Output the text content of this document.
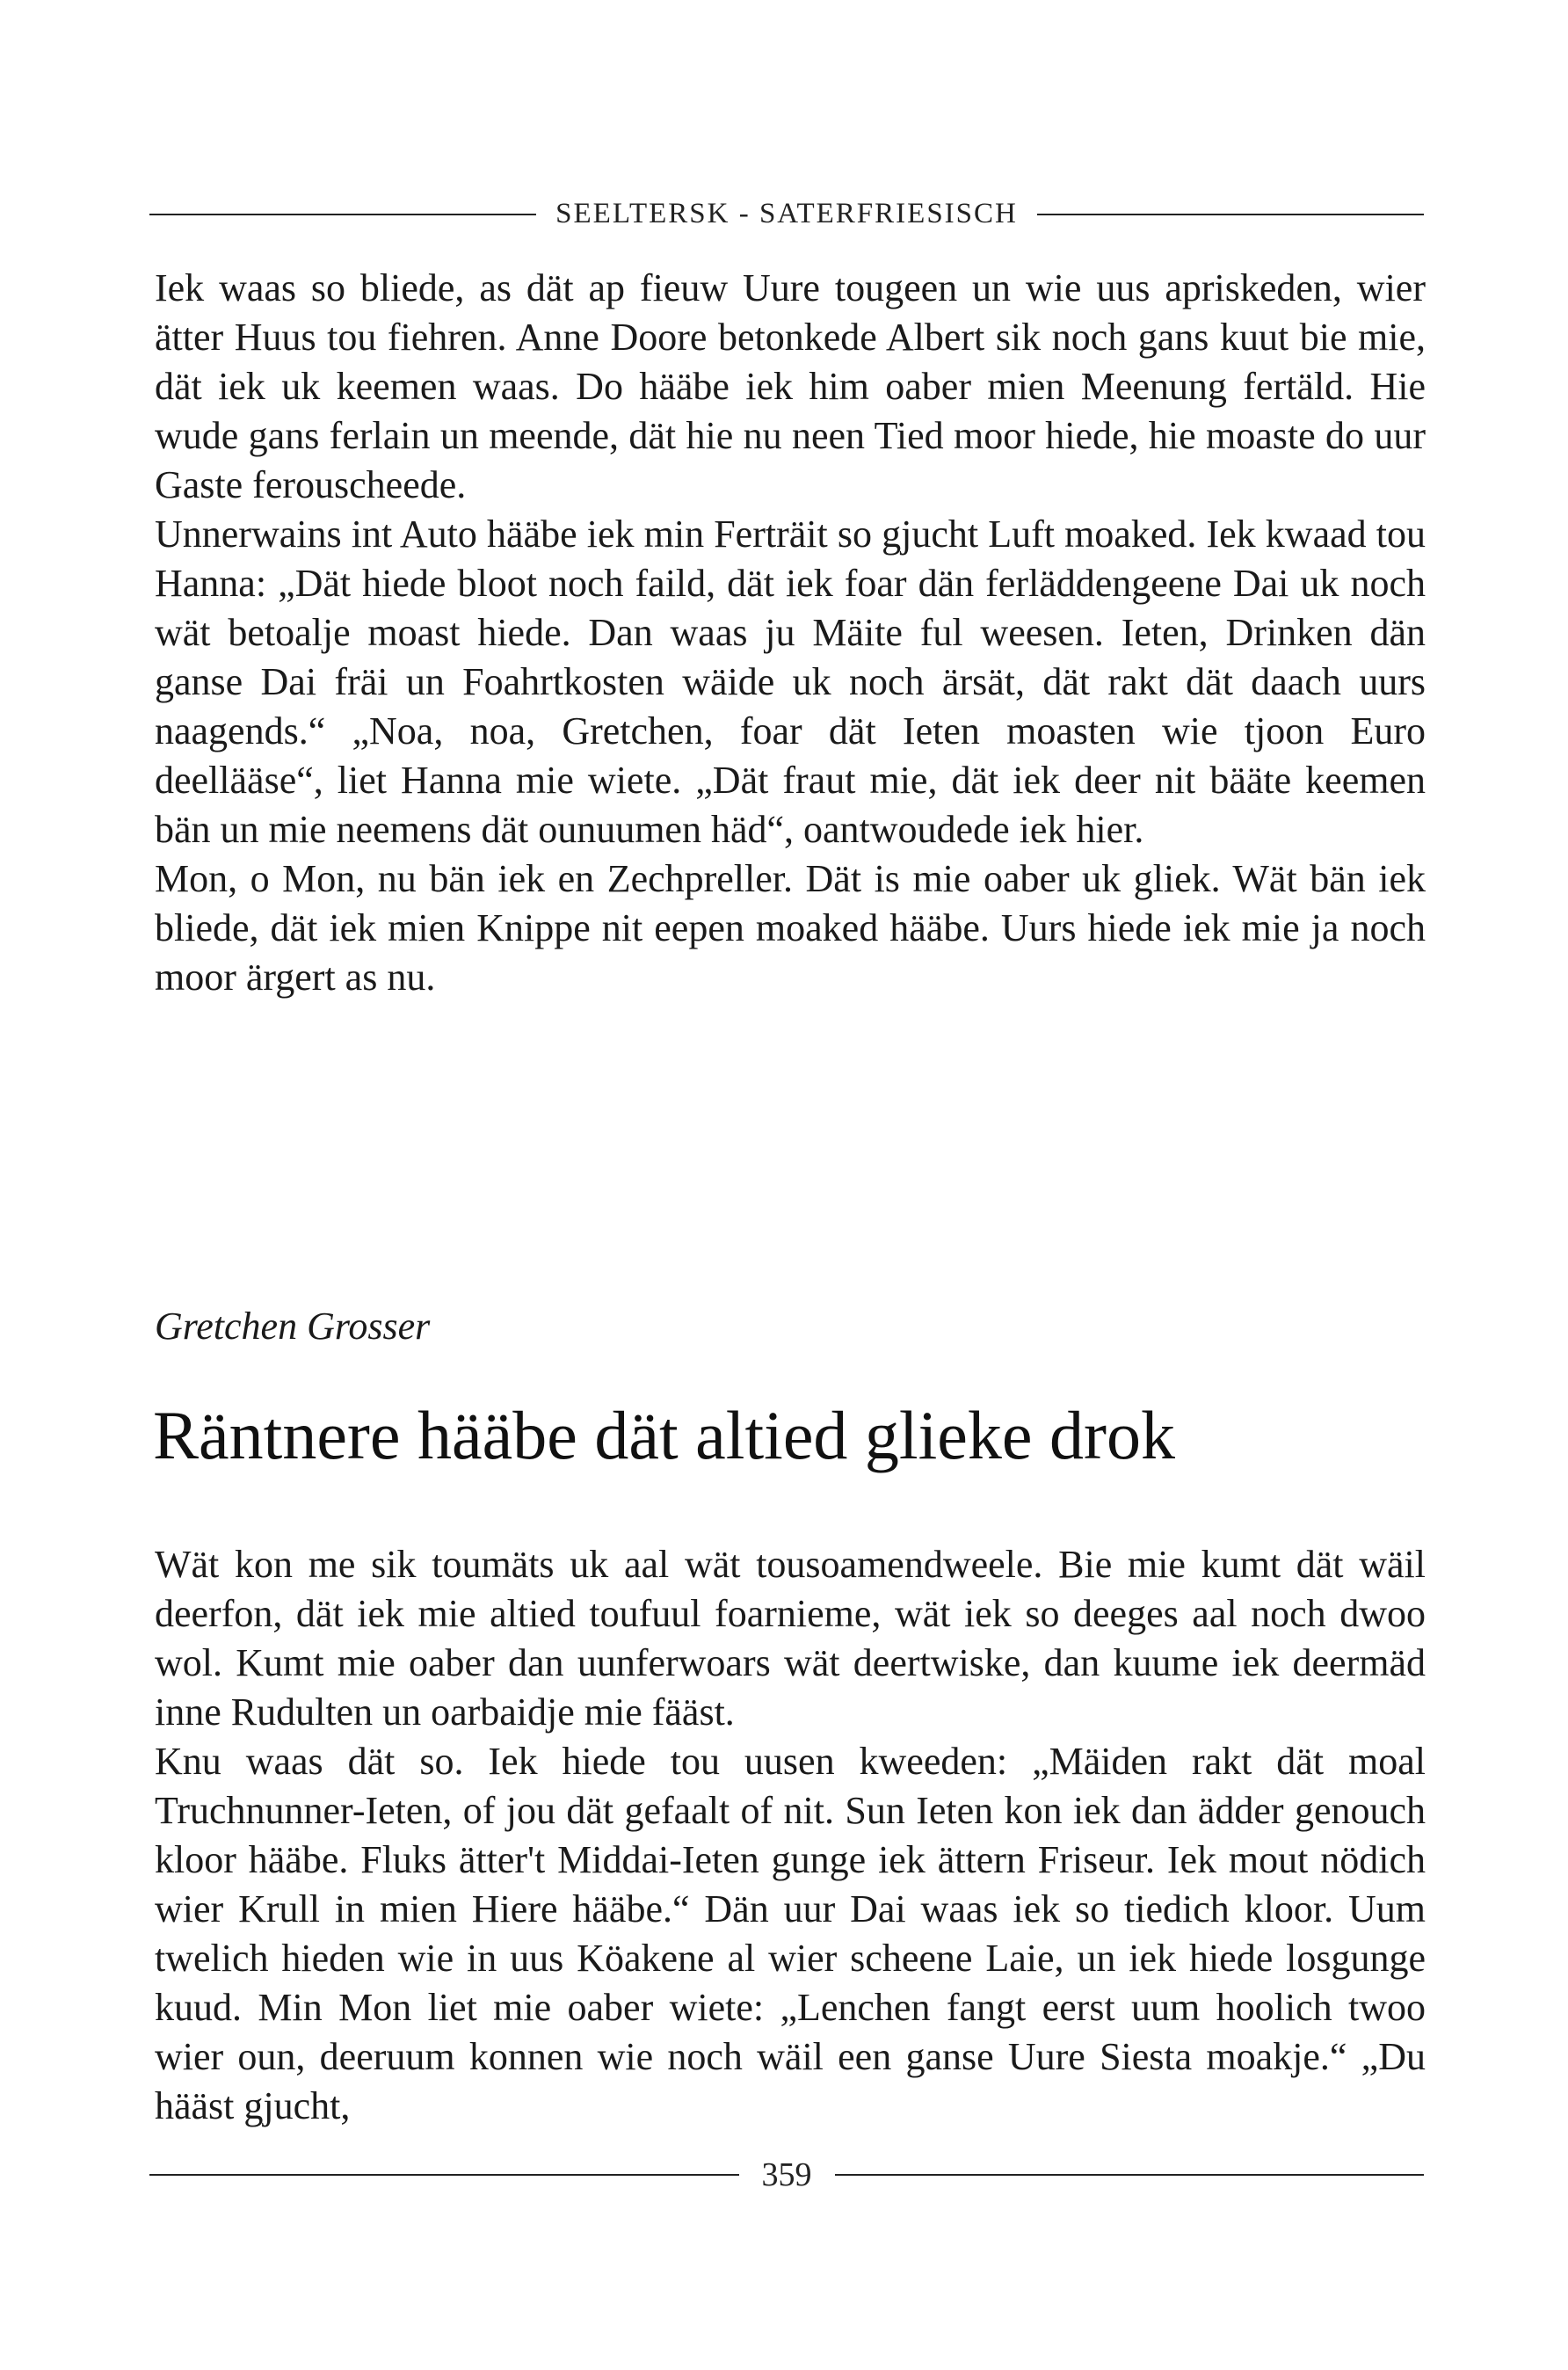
SEELTERSK - SATERFRIESISCH

Iek waas so bliede, as dät ap fieuw Uure tougeen un wie uus apriskeden, wier ätter Huus tou fiehren. Anne Doore betonkede Albert sik noch gans kuut bie mie, dät iek uk keemen waas. Do hääbe iek him oaber mien Meenung fertäld. Hie wude gans ferlain un meende, dät hie nu neen Tied moor hiede, hie moaste do uur Gaste ferouscheede.

Unnerwains int Auto hääbe iek min Ferträit so gjucht Luft moaked. Iek kwaad tou Hanna: „Dät hiede bloot noch faild, dät iek foar dän ferläddengeene Dai uk noch wät betoalje moast hiede. Dan waas ju Mäite ful weesen. Ieten, Drinken dän ganse Dai fräi un Foahrtkosten wäide uk noch ärsät, dät rakt dät daach uurs naagends.“ „Noa, noa, Gretchen, foar dät Ieten moasten wie tjoon Euro deellääse“, liet Hanna mie wiete. „Dät fraut mie, dät iek deer nit bääte keemen bän un mie neemens dät ounuumen häd“, oantwoudede iek hier.

Mon, o Mon, nu bän iek en Zechpreller. Dät is mie oaber uk gliek. Wät bän iek bliede, dät iek mien Knippe nit eepen moaked hääbe. Uurs hiede iek mie ja noch moor ärgert as nu.

Gretchen Grosser
Räntnere hääbe dät altied glieke drok

Wät kon me sik toumäts uk aal wät tousoamendweele. Bie mie kumt dät wäil deerfon, dät iek mie altied toufuul foarnieme, wät iek so deeges aal noch dwoo wol. Kumt mie oaber dan uunferwoars wät deertwiske, dan kuume iek deermäd inne Rudulten un oarbaidje mie fääst.

Knu waas dät so. Iek hiede tou uusen kweeden: „Mäiden rakt dät moal Truchnunner-Ieten, of jou dät gefaalt of nit. Sun Ieten kon iek dan ädder genouch kloor hääbe. Fluks ätter't Middai-Ieten gunge iek ättern Friseur. Iek mout nödich wier Krull in mien Hiere hääbe.“ Dän uur Dai waas iek so tiedich kloor. Uum twelich hieden wie in uus Köakene al wier scheene Laie, un iek hiede losgunge kuud. Min Mon liet mie oaber wiete: „Lenchen fangt eerst uum hoolich twoo wier oun, deeruum konnen wie noch wäil een ganse Uure Siesta moakje.“ „Du hääst gjucht,

359
